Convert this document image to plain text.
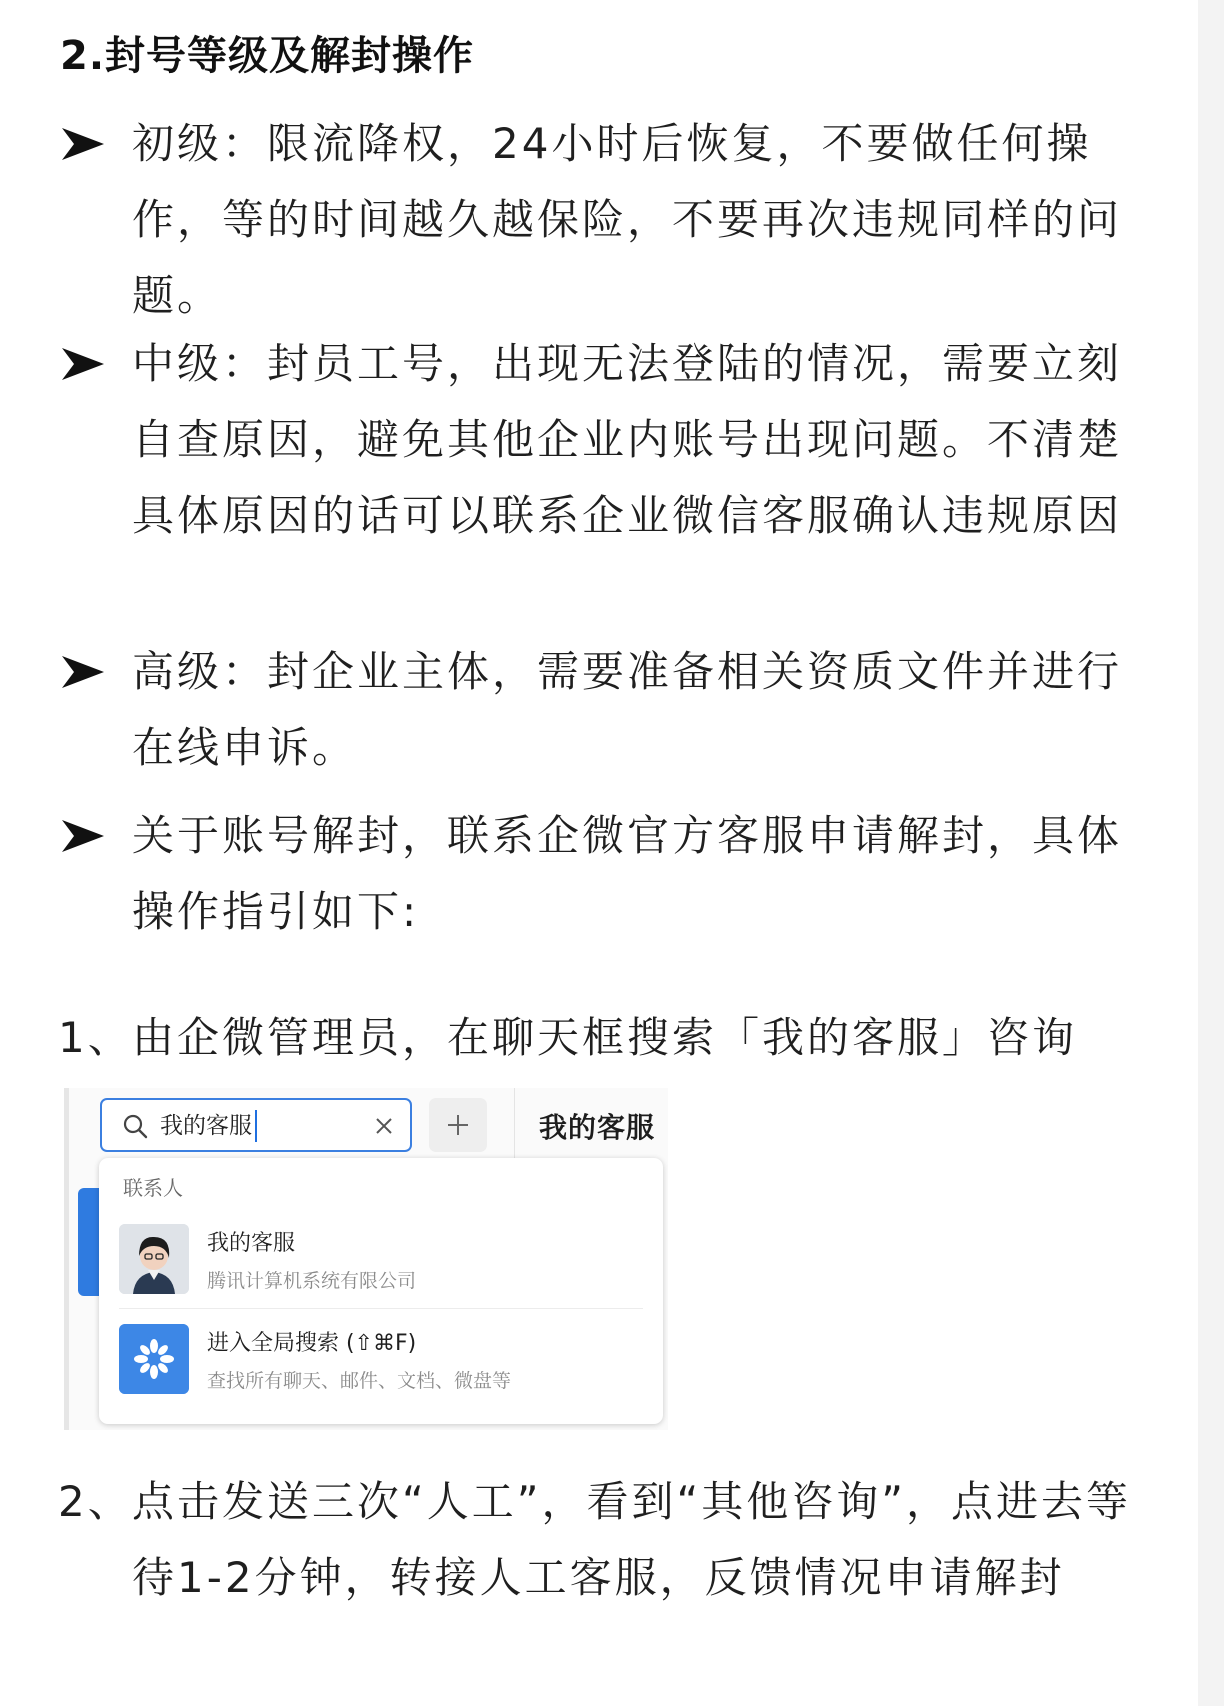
2.封号等级及解封操作
初级：限流降权，24小时后恢复，不要做任何操作，等的时间越久越保险，不要再次违规同样的问题。
中级：封员工号，出现无法登陆的情况，需要立刻自查原因，避免其他企业内账号出现问题。不清楚具体原因的话可以联系企业微信客服确认违规原因
高级：封企业主体，需要准备相关资质文件并进行在线申诉。
关于账号解封，联系企微官方客服申请解封，具体操作指引如下:
1、 由企微管理员，在聊天框搜索「我的客服」咨询
我的客服	我的客服
联系人
我的客服
腾讯计算机系统有限公司
进入全局搜索 (⇧⌘F)
查找所有聊天、邮件、文档、微盘等
2、 点击发送三次“人工”，看到“其他咨询”，点进去等待1-2分钟，转接人工客服，反馈情况申请解封
